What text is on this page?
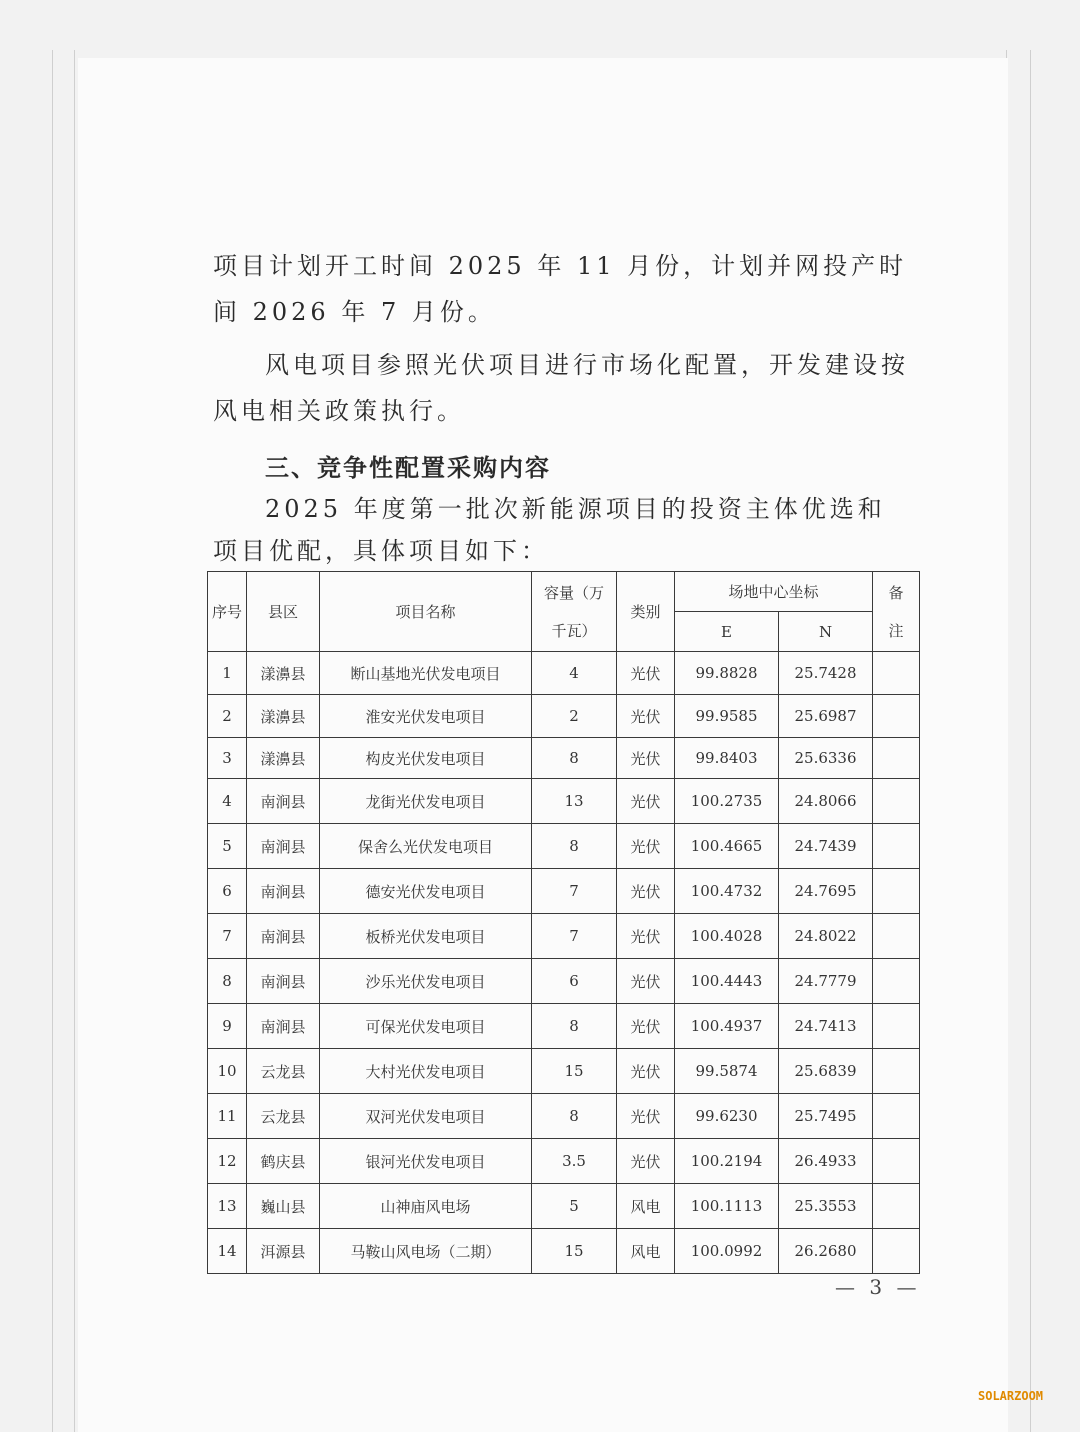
项目计划开工时间 2025 年 11 月份，计划并网投产时间 2026 年 7 月份。

风电项目参照光伏项目进行市场化配置，开发建设按风电相关政策执行。

三、竞争性配置采购内容

2025 年度第一批次新能源项目的投资主体优选和项目优配，具体项目如下：

序号	县区	项目名称	容量（万千瓦）	类别	场地中心坐标		备注
					E	N	
1	漾濞县	断山基地光伏发电项目	4	光伏	99.8828	25.7428	
2	漾濞县	淮安光伏发电项目	2	光伏	99.9585	25.6987	
3	漾濞县	构皮光伏发电项目	8	光伏	99.8403	25.6336	
4	南涧县	龙街光伏发电项目	13	光伏	100.2735	24.8066	
5	南涧县	保舍么光伏发电项目	8	光伏	100.4665	24.7439	
6	南涧县	德安光伏发电项目	7	光伏	100.4732	24.7695	
7	南涧县	板桥光伏发电项目	7	光伏	100.4028	24.8022	
8	南涧县	沙乐光伏发电项目	6	光伏	100.4443	24.7779	
9	南涧县	可保光伏发电项目	8	光伏	100.4937	24.7413	
10	云龙县	大村光伏发电项目	15	光伏	99.5874	25.6839	
11	云龙县	双河光伏发电项目	8	光伏	99.6230	25.7495	
12	鹤庆县	银河光伏发电项目	3.5	光伏	100.2194	26.4933	
13	巍山县	山神庙风电场	5	风电	100.1113	25.3553	
14	洱源县	马鞍山风电场（二期）	15	风电	100.0992	26.2680	
— 3 —
SOLARZOOM
